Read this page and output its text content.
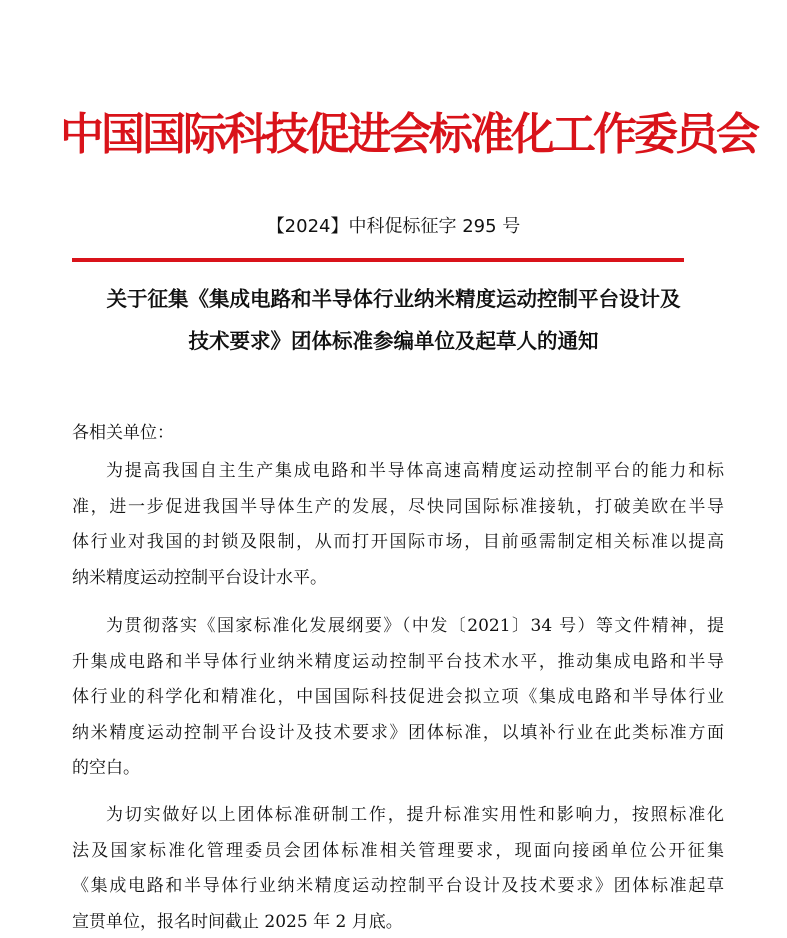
中国国际科技促进会标准化工作委员会
【2024】中科促标征字 295 号
关于征集《集成电路和半导体行业纳米精度运动控制平台设计及
技术要求》团体标准参编单位及起草人的通知
各相关单位：
为提高我国自主生产集成电路和半导体高速高精度运动控制平台的能力和标
准，进一步促进我国半导体生产的发展，尽快同国际标准接轨，打破美欧在半导
体行业对我国的封锁及限制，从而打开国际市场，目前亟需制定相关标准以提高
纳米精度运动控制平台设计水平。
为贯彻落实《国家标准化发展纲要》（中发〔2021〕34 号）等文件精神，提
升集成电路和半导体行业纳米精度运动控制平台技术水平，推动集成电路和半导
体行业的科学化和精准化，中国国际科技促进会拟立项《集成电路和半导体行业
纳米精度运动控制平台设计及技术要求》团体标准，以填补行业在此类标准方面
的空白。
为切实做好以上团体标准研制工作，提升标准实用性和影响力，按照标准化
法及国家标准化管理委员会团体标准相关管理要求，现面向接函单位公开征集
《集成电路和半导体行业纳米精度运动控制平台设计及技术要求》团体标准起草
宣贯单位，报名时间截止 2025 年 2 月底。
